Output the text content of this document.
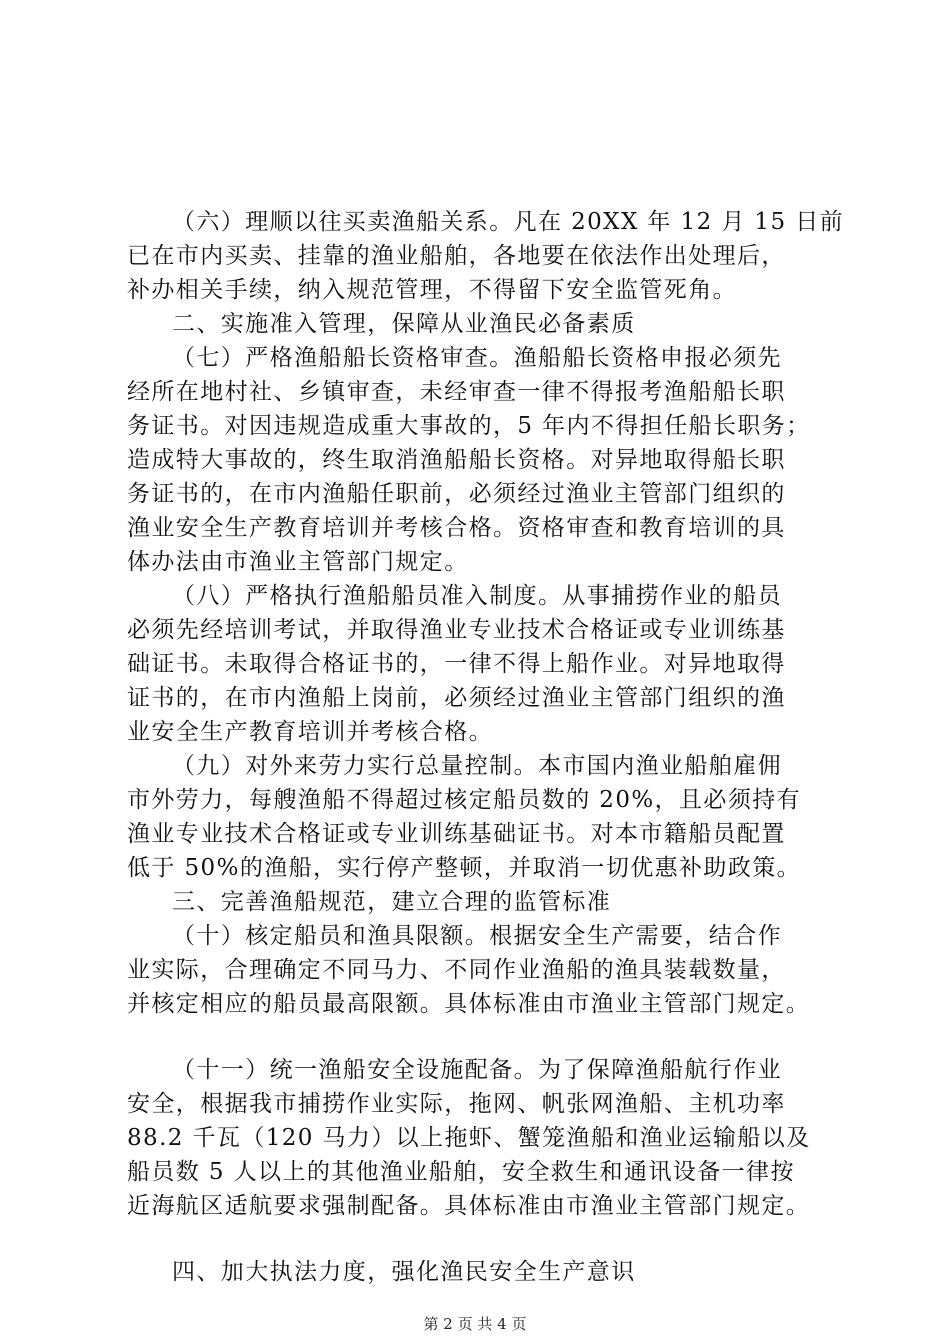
（六）理顺以往买卖渔船关系。凡在 20XX 年 12 月 15 日前
已在市内买卖、挂靠的渔业船舶，各地要在依法作出处理后，
补办相关手续，纳入规范管理，不得留下安全监管死角。
二、实施准入管理，保障从业渔民必备素质
（七）严格渔船船长资格审查。渔船船长资格申报必须先
经所在地村社、乡镇审查，未经审查一律不得报考渔船船长职
务证书。对因违规造成重大事故的，5 年内不得担任船长职务；
造成特大事故的，终生取消渔船船长资格。对异地取得船长职
务证书的，在市内渔船任职前，必须经过渔业主管部门组织的
渔业安全生产教育培训并考核合格。资格审查和教育培训的具
体办法由市渔业主管部门规定。
（八）严格执行渔船船员准入制度。从事捕捞作业的船员
必须先经培训考试，并取得渔业专业技术合格证或专业训练基
础证书。未取得合格证书的，一律不得上船作业。对异地取得
证书的，在市内渔船上岗前，必须经过渔业主管部门组织的渔
业安全生产教育培训并考核合格。
（九）对外来劳力实行总量控制。本市国内渔业船舶雇佣
市外劳力，每艘渔船不得超过核定船员数的 20%，且必须持有
渔业专业技术合格证或专业训练基础证书。对本市籍船员配置
低于 50%的渔船，实行停产整顿，并取消一切优惠补助政策。
三、完善渔船规范，建立合理的监管标准
（十）核定船员和渔具限额。根据安全生产需要，结合作
业实际，合理确定不同马力、不同作业渔船的渔具装载数量，
并核定相应的船员最高限额。具体标准由市渔业主管部门规定。
（十一）统一渔船安全设施配备。为了保障渔船航行作业
安全，根据我市捕捞作业实际，拖网、帆张网渔船、主机功率
88.2 千瓦（120 马力）以上拖虾、蟹笼渔船和渔业运输船以及
船员数 5 人以上的其他渔业船舶，安全救生和通讯设备一律按
近海航区适航要求强制配备。具体标准由市渔业主管部门规定。
四、加大执法力度，强化渔民安全生产意识
第 2 页 共 4 页
